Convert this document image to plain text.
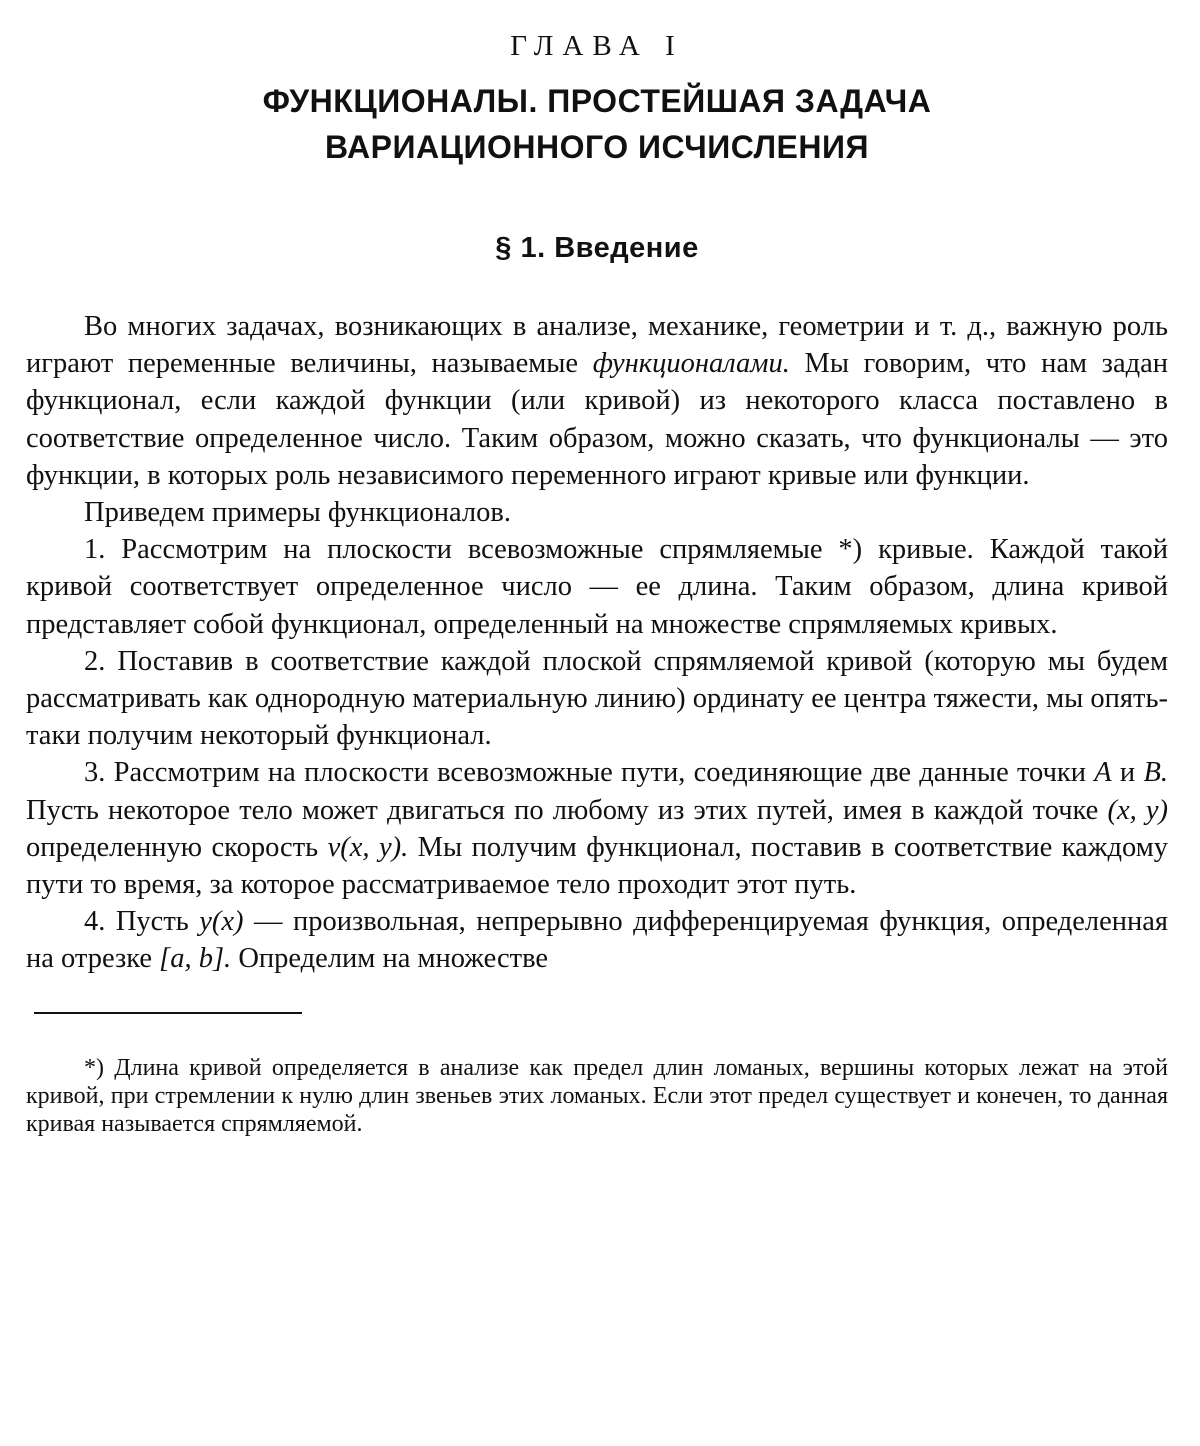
ГЛАВА I
ФУНКЦИОНАЛЫ. ПРОСТЕЙШАЯ ЗАДАЧА
ВАРИАЦИОННОГО ИСЧИСЛЕНИЯ
§ 1. Введение

Во многих задачах, возникающих в анализе, механике, геометрии и т. д., важную роль играют переменные величины, называемые функционалами. Мы говорим, что нам задан функционал, если каждой функции (или кривой) из некоторого класса поставлено в соответствие определенное число. Таким образом, можно сказать, что функционалы — это функции, в которых роль независимого переменного играют кривые или функции.

Приведем примеры функционалов.

1. Рассмотрим на плоскости всевозможные спрямляемые *) кривые. Каждой такой кривой соответствует определенное число — ее длина. Таким образом, длина кривой представляет собой функционал, определенный на множестве спрямляемых кривых.

2. Поставив в соответствие каждой плоской спрямляемой кривой (которую мы будем рассматривать как однородную материальную линию) ординату ее центра тяжести, мы опять-таки получим некоторый функционал.

3. Рассмотрим на плоскости всевозможные пути, соединяющие две данные точки A и B. Пусть некоторое тело может двигаться по любому из этих путей, имея в каждой точке (x, y) определенную скорость v(x, y). Мы получим функционал, поставив в соответствие каждому пути то время, за которое рассматриваемое тело проходит этот путь.

4. Пусть y(x) — произвольная, непрерывно дифференцируемая функция, определенная на отрезке [a, b]. Определим на множестве

*) Длина кривой определяется в анализе как предел длин ломаных, вершины которых лежат на этой кривой, при стремлении к нулю длин звеньев этих ломаных. Если этот предел существует и конечен, то данная кривая называется спрямляемой.
